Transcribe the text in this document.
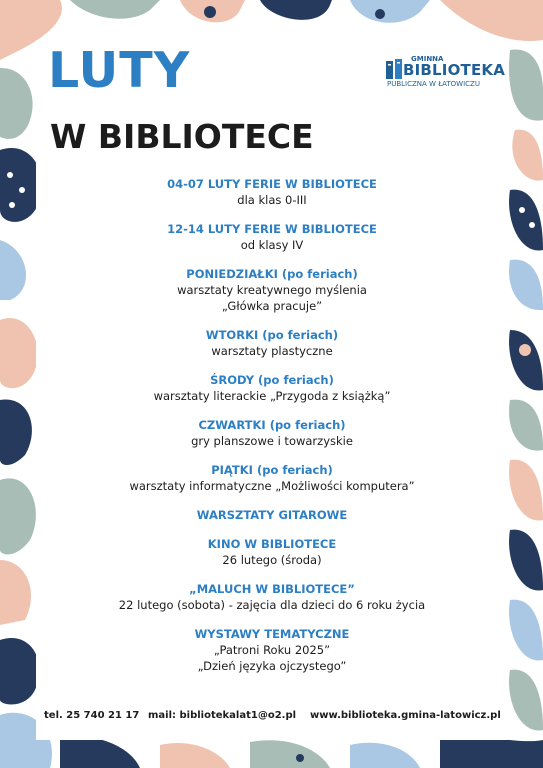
LUTY
W BIBLIOTECE
GMINNA
BIBLIOTEKA
PUBLICZNA W ŁATOWICZU
04-07 LUTY FERIE W BIBLIOTECE
dla klas 0-III
12-14 LUTY FERIE W BIBLIOTECE
od klasy IV
PONIEDZIAŁKI (po feriach)
warsztaty kreatywnego myślenia
„Główka pracuje”
WTORKI (po feriach)
warsztaty plastyczne
ŚRODY (po feriach)
warsztaty literackie „Przygoda z książką”
CZWARTKI (po feriach)
gry planszowe i towarzyskie
PIĄTKI (po feriach)
warsztaty informatyczne „Możliwości komputera”
WARSZTATY GITAROWE
KINO W BIBLIOTECE
26 lutego (środa)
„MALUCH W BIBLIOTECE”
22 lutego (sobota) - zajęcia dla dzieci do 6 roku życia
WYSTAWY TEMATYCZNE
„Patroni Roku 2025”
„Dzień języka ojczystego”
tel. 25 740 21 17 mail: bibliotekalat1@o2.pl www.biblioteka.gmina-latowicz.pl
